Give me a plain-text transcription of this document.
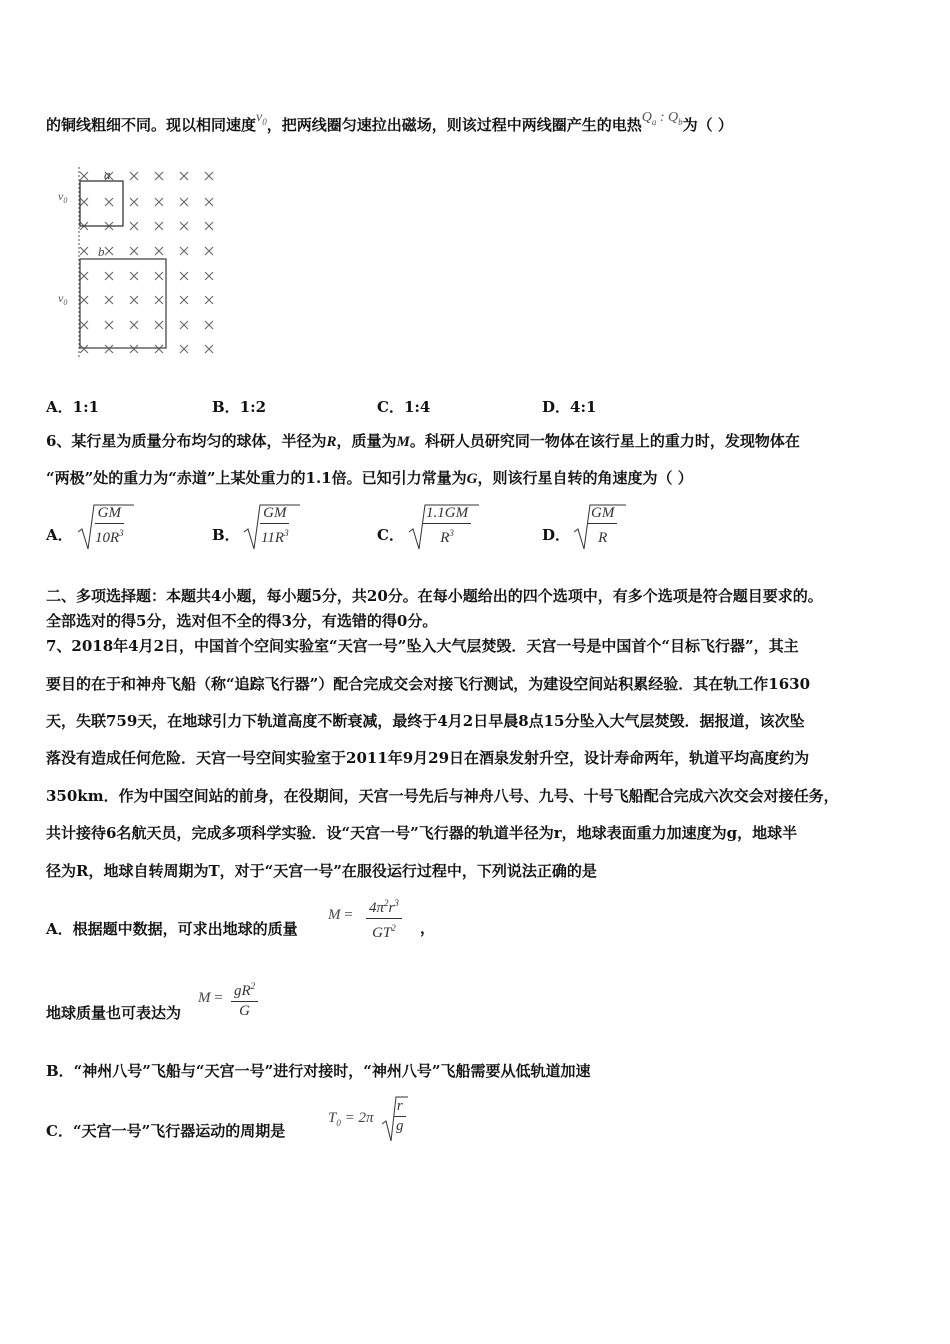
的铜线粗细不同。现以相同速度$v_0$，把两线圈匀速拉出磁场，则该过程中两线圈产生的电热$Q_a$ : $Q_b$为（ ）
a
b
$v_0$
$v_0$
A．1:1	B．1:2	C．1:4	D．4:1
6、某行星为质量分布均匀的球体，半径为R，质量为M。科研人员研究同一物体在该行星上的重力时，发现物体在
“两极”处的重力为“赤道”上某处重力的1.1倍。已知引力常量为G，则该行星自转的角速度为（ ）
A． $\frac{GM}{10R^3}$	B． $\frac{GM}{11R^3}$	C． $\frac{1.1GM}{R^3}$	D． $\frac{GM}{R}$
二、多项选择题：本题共4小题，每小题5分，共20分。在每小题给出的四个选项中，有多个选项是符合题目要求的。
全部选对的得5分，选对但不全的得3分，有选错的得0分。
7、2018年4月2日，中国首个空间实验室“天宫一号”坠入大气层焚毁．天宫一号是中国首个“目标飞行器”，其主
要目的在于和神舟飞船（称“追踪飞行器”）配合完成交会对接飞行测试，为建设空间站积累经验．其在轨工作1630
天，失联759天，在地球引力下轨道高度不断衰减，最终于4月2日早晨8点15分坠入大气层焚毁．据报道，该次坠
落没有造成任何危险．天宫一号空间实验室于2011年9月29日在酒泉发射升空，设计寿命两年，轨道平均高度约为
350km．作为中国空间站的前身，在役期间，天宫一号先后与神舟八号、九号、十号飞船配合完成六次交会对接任务，
共计接待6名航天员，完成多项科学实验．设“天宫一号”飞行器的轨道半径为r，地球表面重力加速度为g，地球半
径为R，地球自转周期为T，对于“天宫一号”在服役运行过程中，下列说法正确的是
A．根据题中数据，可求出地球的质量
$M = \frac{4\pi^2r^3}{GT^2}$ ，
地球质量也可表达为
$M = \frac{gR^2}{G}$
B．“神州八号”飞船与“天宫一号”进行对接时，“神州八号”飞船需要从低轨道加速
C．“天宫一号”飞行器运动的周期是
$T_0 = 2\pi \frac{r}{g}$
